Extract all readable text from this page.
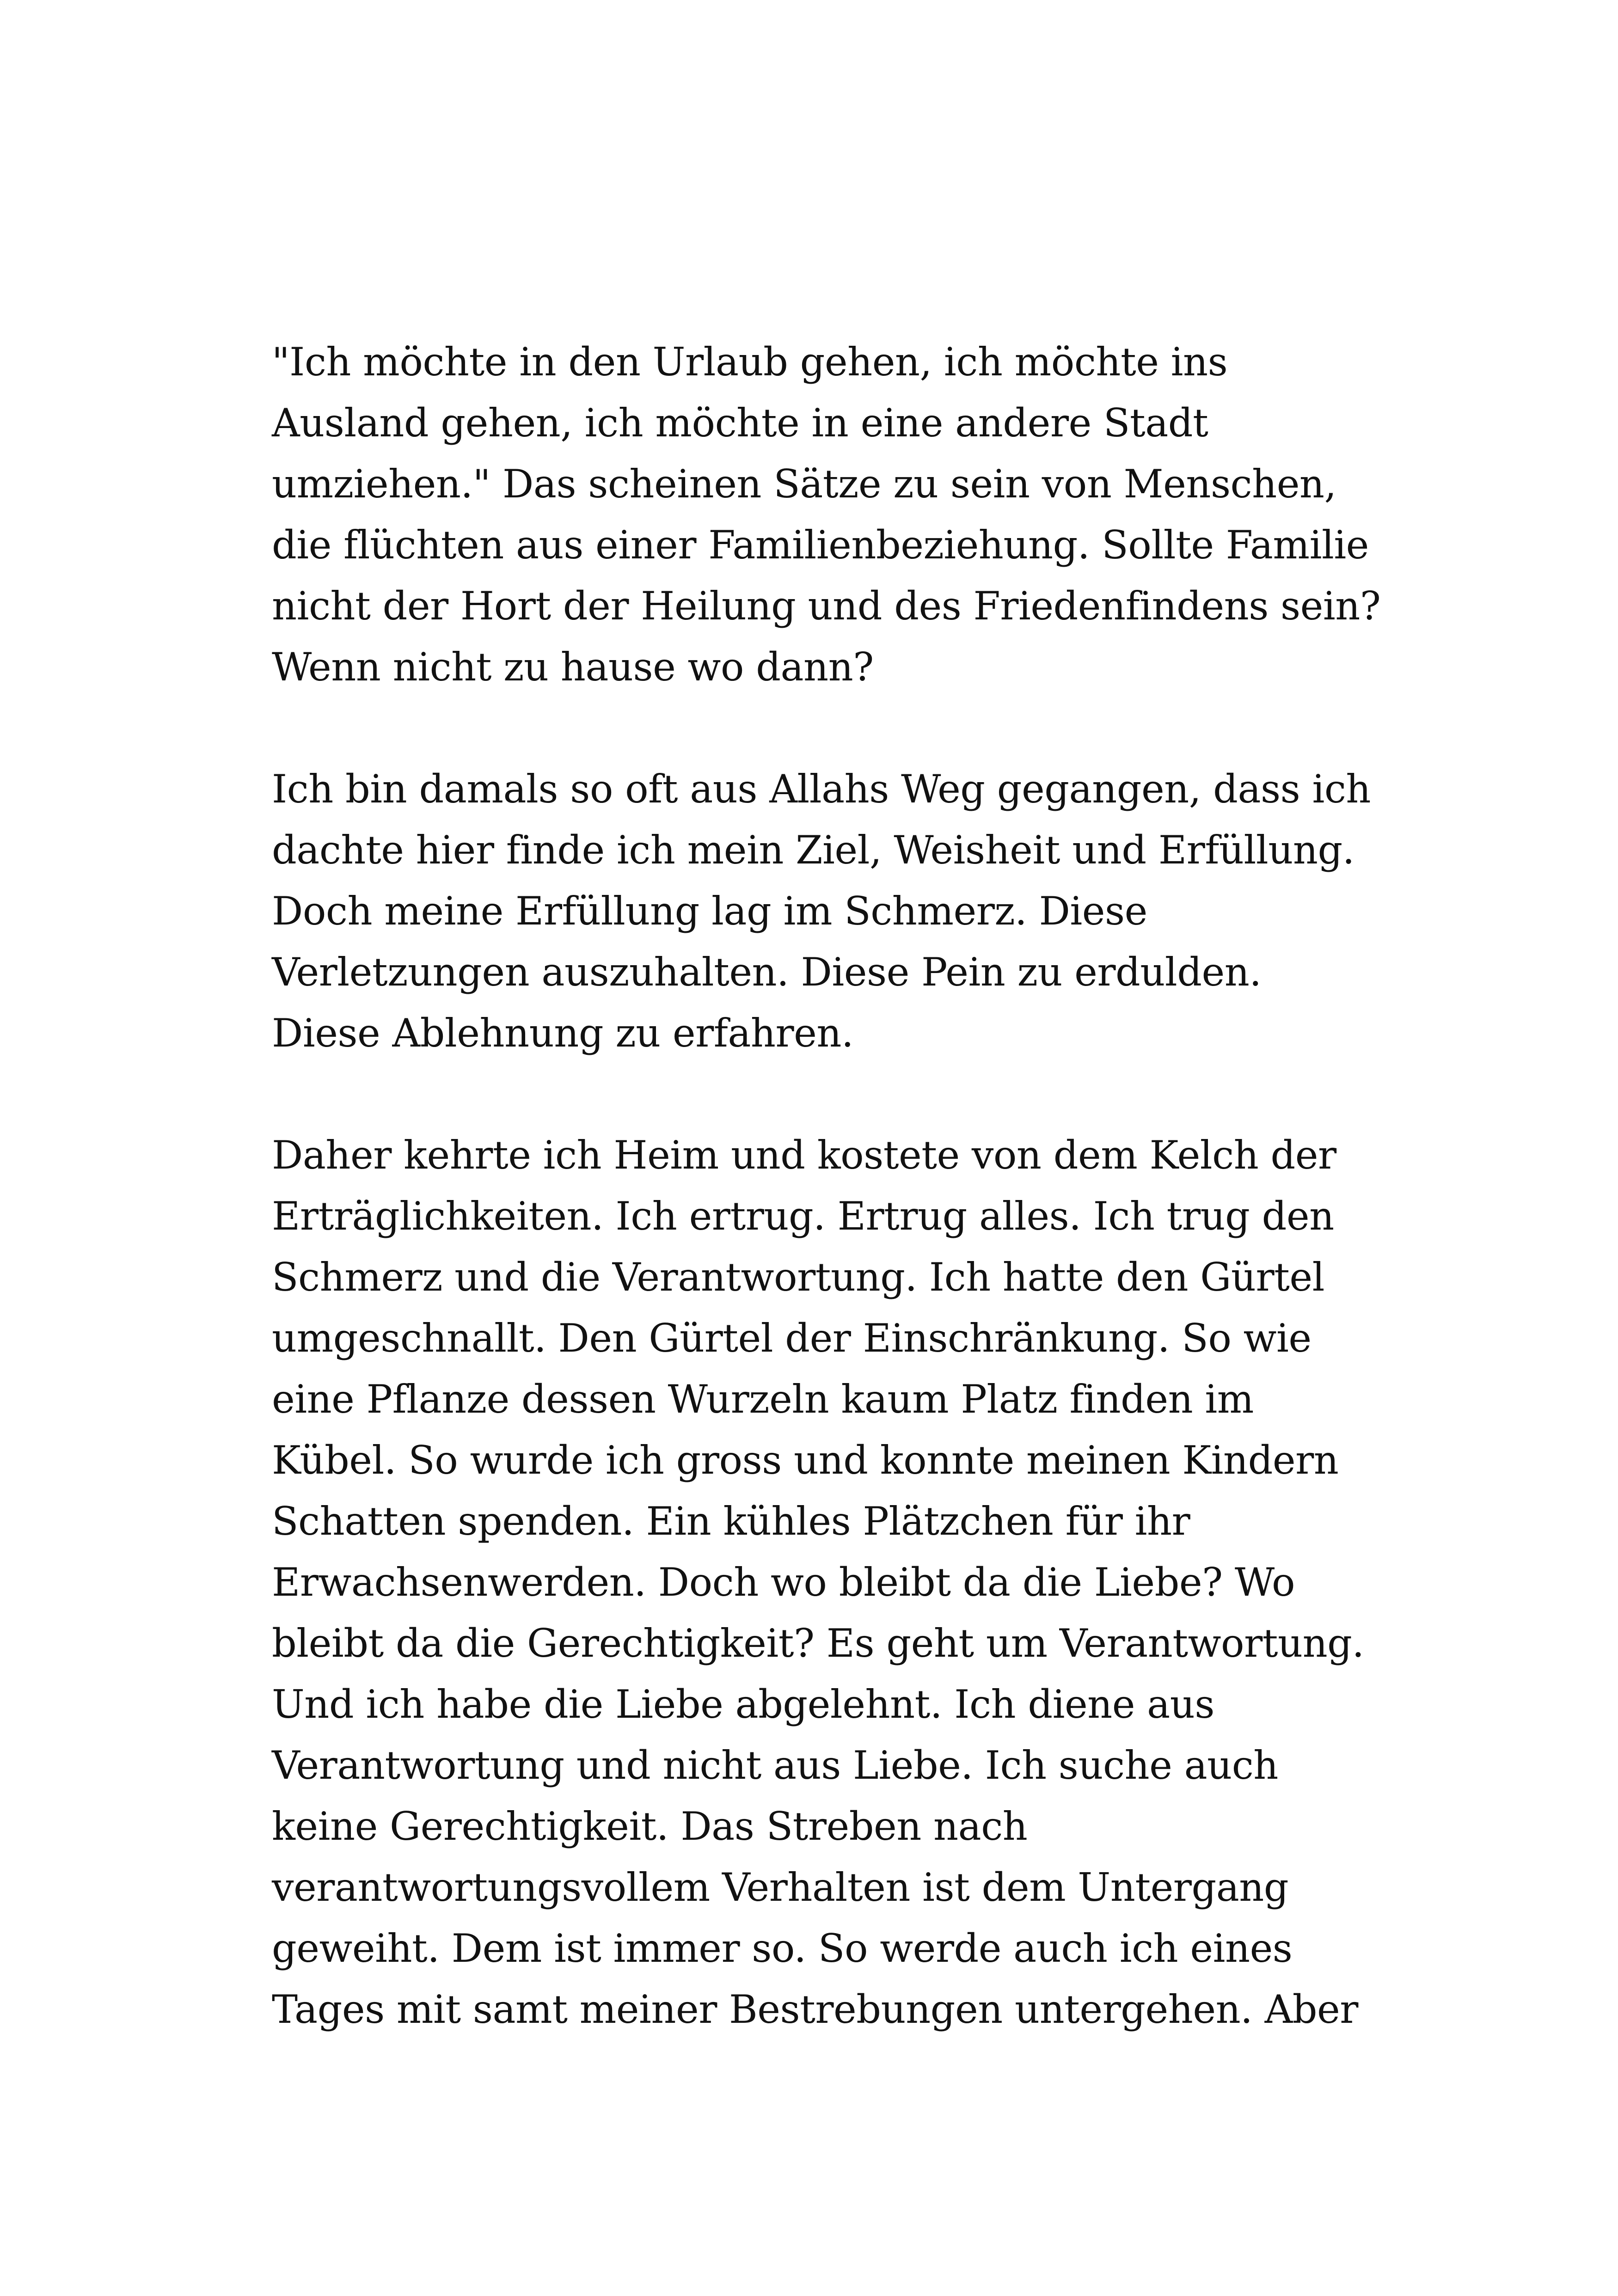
"Ich möchte in den Urlaub gehen, ich möchte ins
Ausland gehen, ich möchte in eine andere Stadt
umziehen." Das scheinen Sätze zu sein von Menschen,
die flüchten aus einer Familienbeziehung. Sollte Familie
nicht der Hort der Heilung und des Friedenfindens sein?
Wenn nicht zu hause wo dann?
Ich bin damals so oft aus Allahs Weg gegangen, dass ich
dachte hier finde ich mein Ziel, Weisheit und Erfüllung.
Doch meine Erfüllung lag im Schmerz. Diese
Verletzungen auszuhalten. Diese Pein zu erdulden.
Diese Ablehnung zu erfahren.
Daher kehrte ich Heim und kostete von dem Kelch der
Erträglichkeiten. Ich ertrug. Ertrug alles. Ich trug den
Schmerz und die Verantwortung. Ich hatte den Gürtel
umgeschnallt. Den Gürtel der Einschränkung. So wie
eine Pflanze dessen Wurzeln kaum Platz finden im
Kübel. So wurde ich gross und konnte meinen Kindern
Schatten spenden. Ein kühles Plätzchen für ihr
Erwachsenwerden. Doch wo bleibt da die Liebe? Wo
bleibt da die Gerechtigkeit? Es geht um Verantwortung.
Und ich habe die Liebe abgelehnt. Ich diene aus
Verantwortung und nicht aus Liebe. Ich suche auch
keine Gerechtigkeit. Das Streben nach
verantwortungsvollem Verhalten ist dem Untergang
geweiht. Dem ist immer so. So werde auch ich eines
Tages mit samt meiner Bestrebungen untergehen. Aber
